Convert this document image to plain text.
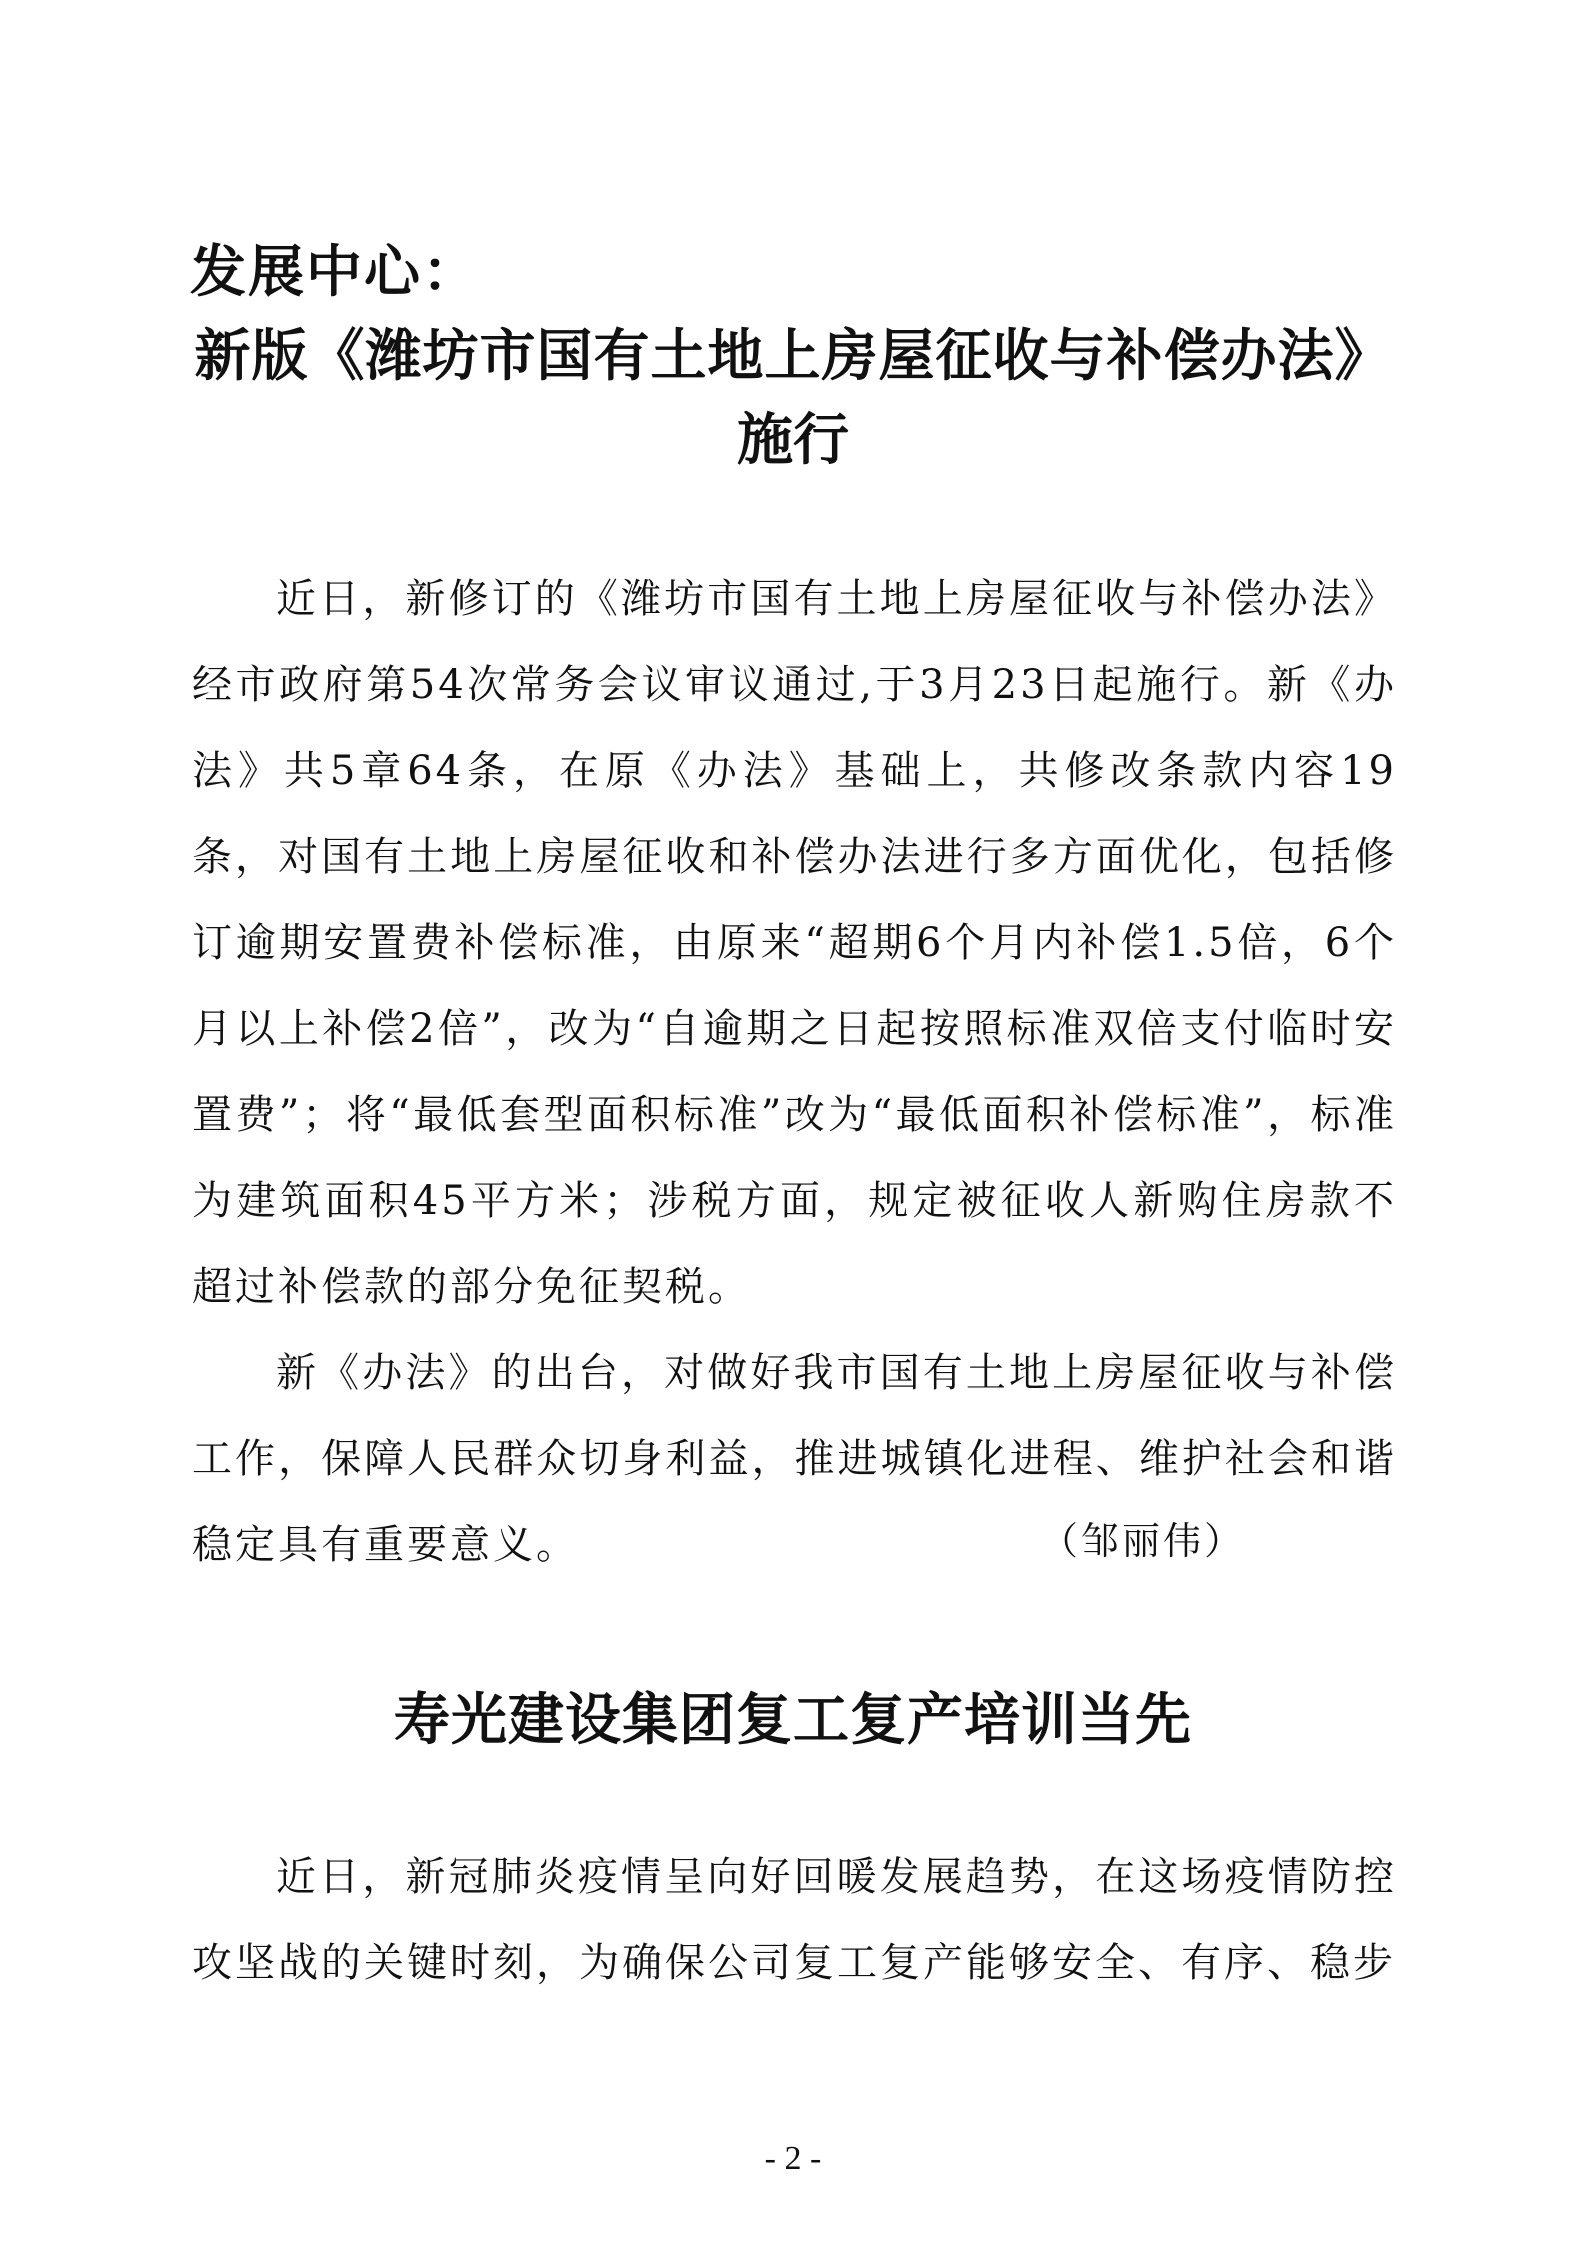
发展中心：
新版《潍坊市国有土地上房屋征收与补偿办法》
施行

近日，新修订的《潍坊市国有土地上房屋征收与补偿办法》经市政府第54次常务会议审议通过,于3月23日起施行。新《办法》共5章64条，在原《办法》基础上，共修改条款内容19条，对国有土地上房屋征收和补偿办法进行多方面优化，包括修订逾期安置费补偿标准，由原来“超期6个月内补偿1.5倍，6个月以上补偿2倍”，改为“自逾期之日起按照标准双倍支付临时安置费”；将“最低套型面积标准”改为“最低面积补偿标准”，标准为建筑面积45平方米；涉税方面，规定被征收人新购住房款不超过补偿款的部分免征契税。

新《办法》的出台，对做好我市国有土地上房屋征收与补偿工作，保障人民群众切身利益，推进城镇化进程、维护社会和谐稳定具有重要意义。	（邹丽伟）
寿光建设集团复工复产培训当先

近日，新冠肺炎疫情呈向好回暖发展趋势，在这场疫情防控攻坚战的关键时刻，为确保公司复工复产能够安全、有序、稳步

- 2 -
